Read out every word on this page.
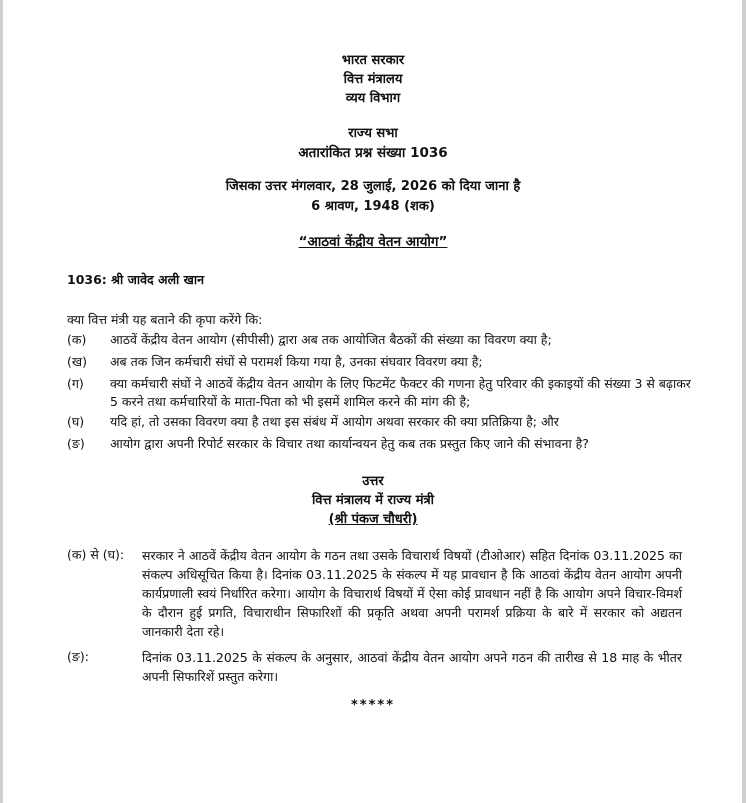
भारत सरकार
वित्त मंत्रालय
व्यय विभाग
राज्य सभा
अतारांकित प्रश्न संख्या 1036
जिसका उत्तर मंगलवार, 28 जुलाई, 2026 को दिया जाना है
6 श्रावण, 1948 (शक)
“आठवां केंद्रीय वेतन आयोग”
1036: श्री जावेद अली खान
क्या वित्त मंत्री यह बताने की कृपा करेंगे कि:
(क) आठवें केंद्रीय वेतन आयोग (सीपीसी) द्वारा अब तक आयोजित बैठकों की संख्या का विवरण क्या है;
(ख) अब तक जिन कर्मचारी संघों से परामर्श किया गया है, उनका संघवार विवरण क्या है;
(ग) क्या कर्मचारी संघों ने आठवें केंद्रीय वेतन आयोग के लिए फिटमेंट फैक्टर की गणना हेतु परिवार की इकाइयों की संख्या 3 से बढ़ाकर 5 करने तथा कर्मचारियों के माता-पिता को भी इसमें शामिल करने की मांग की है;
(घ) यदि हां, तो उसका विवरण क्या है तथा इस संबंध में आयोग अथवा सरकार की क्या प्रतिक्रिया है; और
(ङ) आयोग द्वारा अपनी रिपोर्ट सरकार के विचार तथा कार्यान्वयन हेतु कब तक प्रस्तुत किए जाने की संभावना है?
उत्तर
वित्त मंत्रालय में राज्य मंत्री
(श्री पंकज चौधरी)
(क) से (घ): सरकार ने आठवें केंद्रीय वेतन आयोग के गठन तथा उसके विचारार्थ विषयों (टीओआर) सहित दिनांक 03.11.2025 का संकल्प अधिसूचित किया है। दिनांक 03.11.2025 के संकल्प में यह प्रावधान है कि आठवां केंद्रीय वेतन आयोग अपनी कार्यप्रणाली स्वयं निर्धारित करेगा। आयोग के विचारार्थ विषयों में ऐसा कोई प्रावधान नहीं है कि आयोग अपने विचार-विमर्श के दौरान हुई प्रगति, विचाराधीन सिफारिशों की प्रकृति अथवा अपनी परामर्श प्रक्रिया के बारे में सरकार को अद्यतन जानकारी देता रहे।
(ङ):	दिनांक 03.11.2025 के संकल्प के अनुसार, आठवां केंद्रीय वेतन आयोग अपने गठन की तारीख से 18 माह के भीतर अपनी सिफारिशें प्रस्तुत करेगा।
*****
